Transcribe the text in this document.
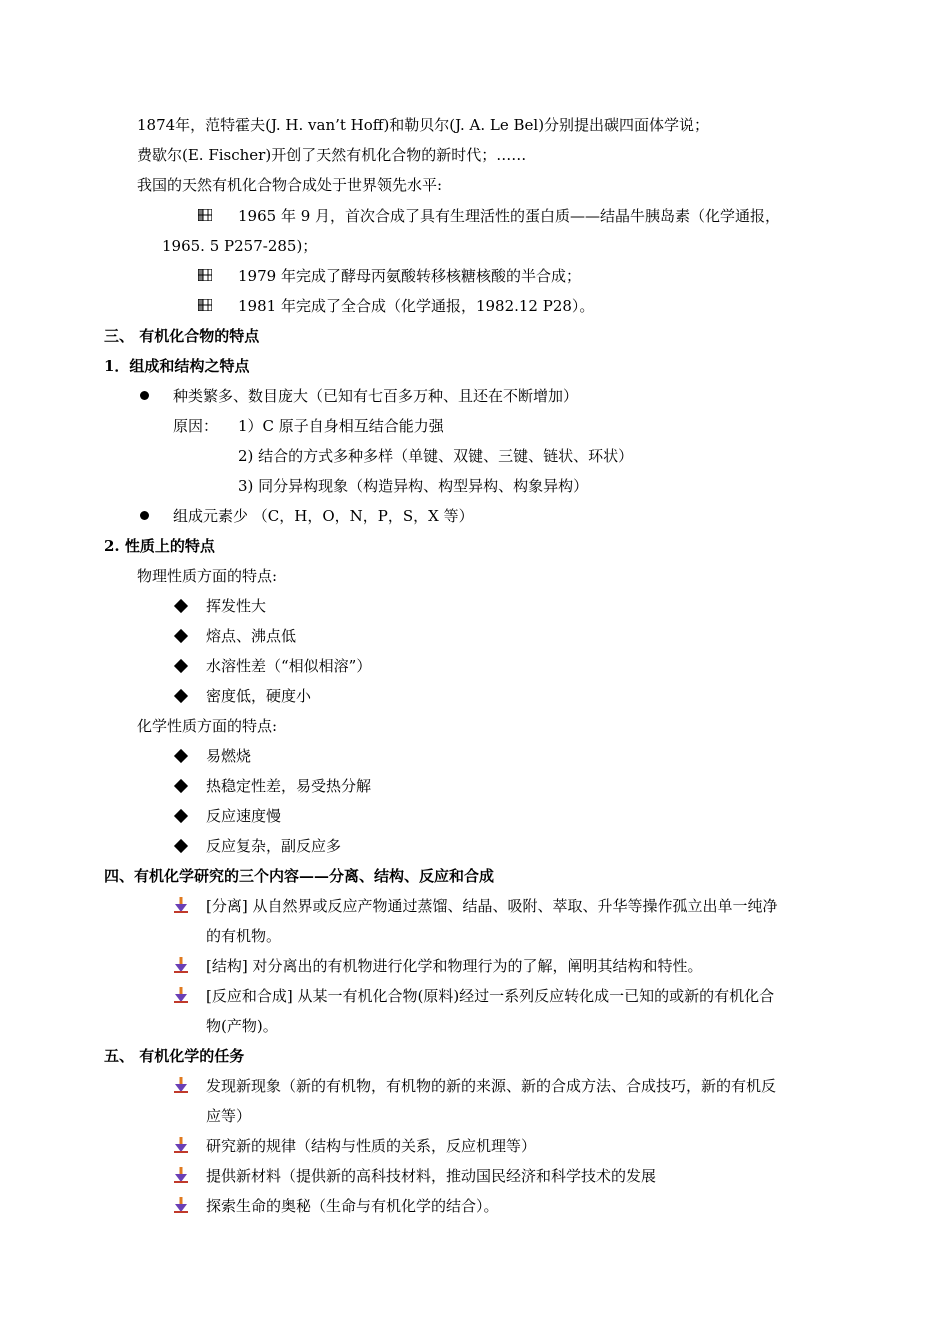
1874年，范特霍夫(J. H. van’t Hoff)和勒贝尔(J. A. Le Bel)分别提出碳四面体学说；
费歇尔(E. Fischer)开创了天然有机化合物的新时代；……
我国的天然有机化合物合成处于世界领先水平:
1965 年 9 月，首次合成了具有生理活性的蛋白质——结晶牛胰岛素（化学通报，
1965. 5 P257-285)；
1979 年完成了酵母丙氨酸转移核糖核酸的半合成；
1981 年完成了全合成（化学通报，1982.12 P28）。
三、 有机化合物的特点
1．组成和结构之特点
种类繁多、数目庞大（已知有七百多万种、且还在不断增加）
原因： 1）C 原子自身相互结合能力强
2) 结合的方式多种多样（单键、双键、三键、链状、环状）
3) 同分异构现象（构造异构、构型异构、构象异构）
组成元素少 （C，H，O，N，P，S，X 等）
2. 性质上的特点
物理性质方面的特点:
挥发性大
熔点、沸点低
水溶性差（“相似相溶”）
密度低，硬度小
化学性质方面的特点:
易燃烧
热稳定性差，易受热分解
反应速度慢
反应复杂，副反应多
四、有机化学研究的三个内容——分离、结构、反应和合成
[分离] 从自然界或反应产物通过蒸馏、结晶、吸附、萃取、升华等操作孤立出单一纯净
的有机物。
[结构] 对分离出的有机物进行化学和物理行为的了解，阐明其结构和特性。
[反应和合成] 从某一有机化合物(原料)经过一系列反应转化成一已知的或新的有机化合
物(产物)。
五、 有机化学的任务
发现新现象（新的有机物，有机物的新的来源、新的合成方法、合成技巧，新的有机反
应等）
研究新的规律（结构与性质的关系，反应机理等）
提供新材料（提供新的高科技材料，推动国民经济和科学技术的发展
探索生命的奥秘（生命与有机化学的结合）。
